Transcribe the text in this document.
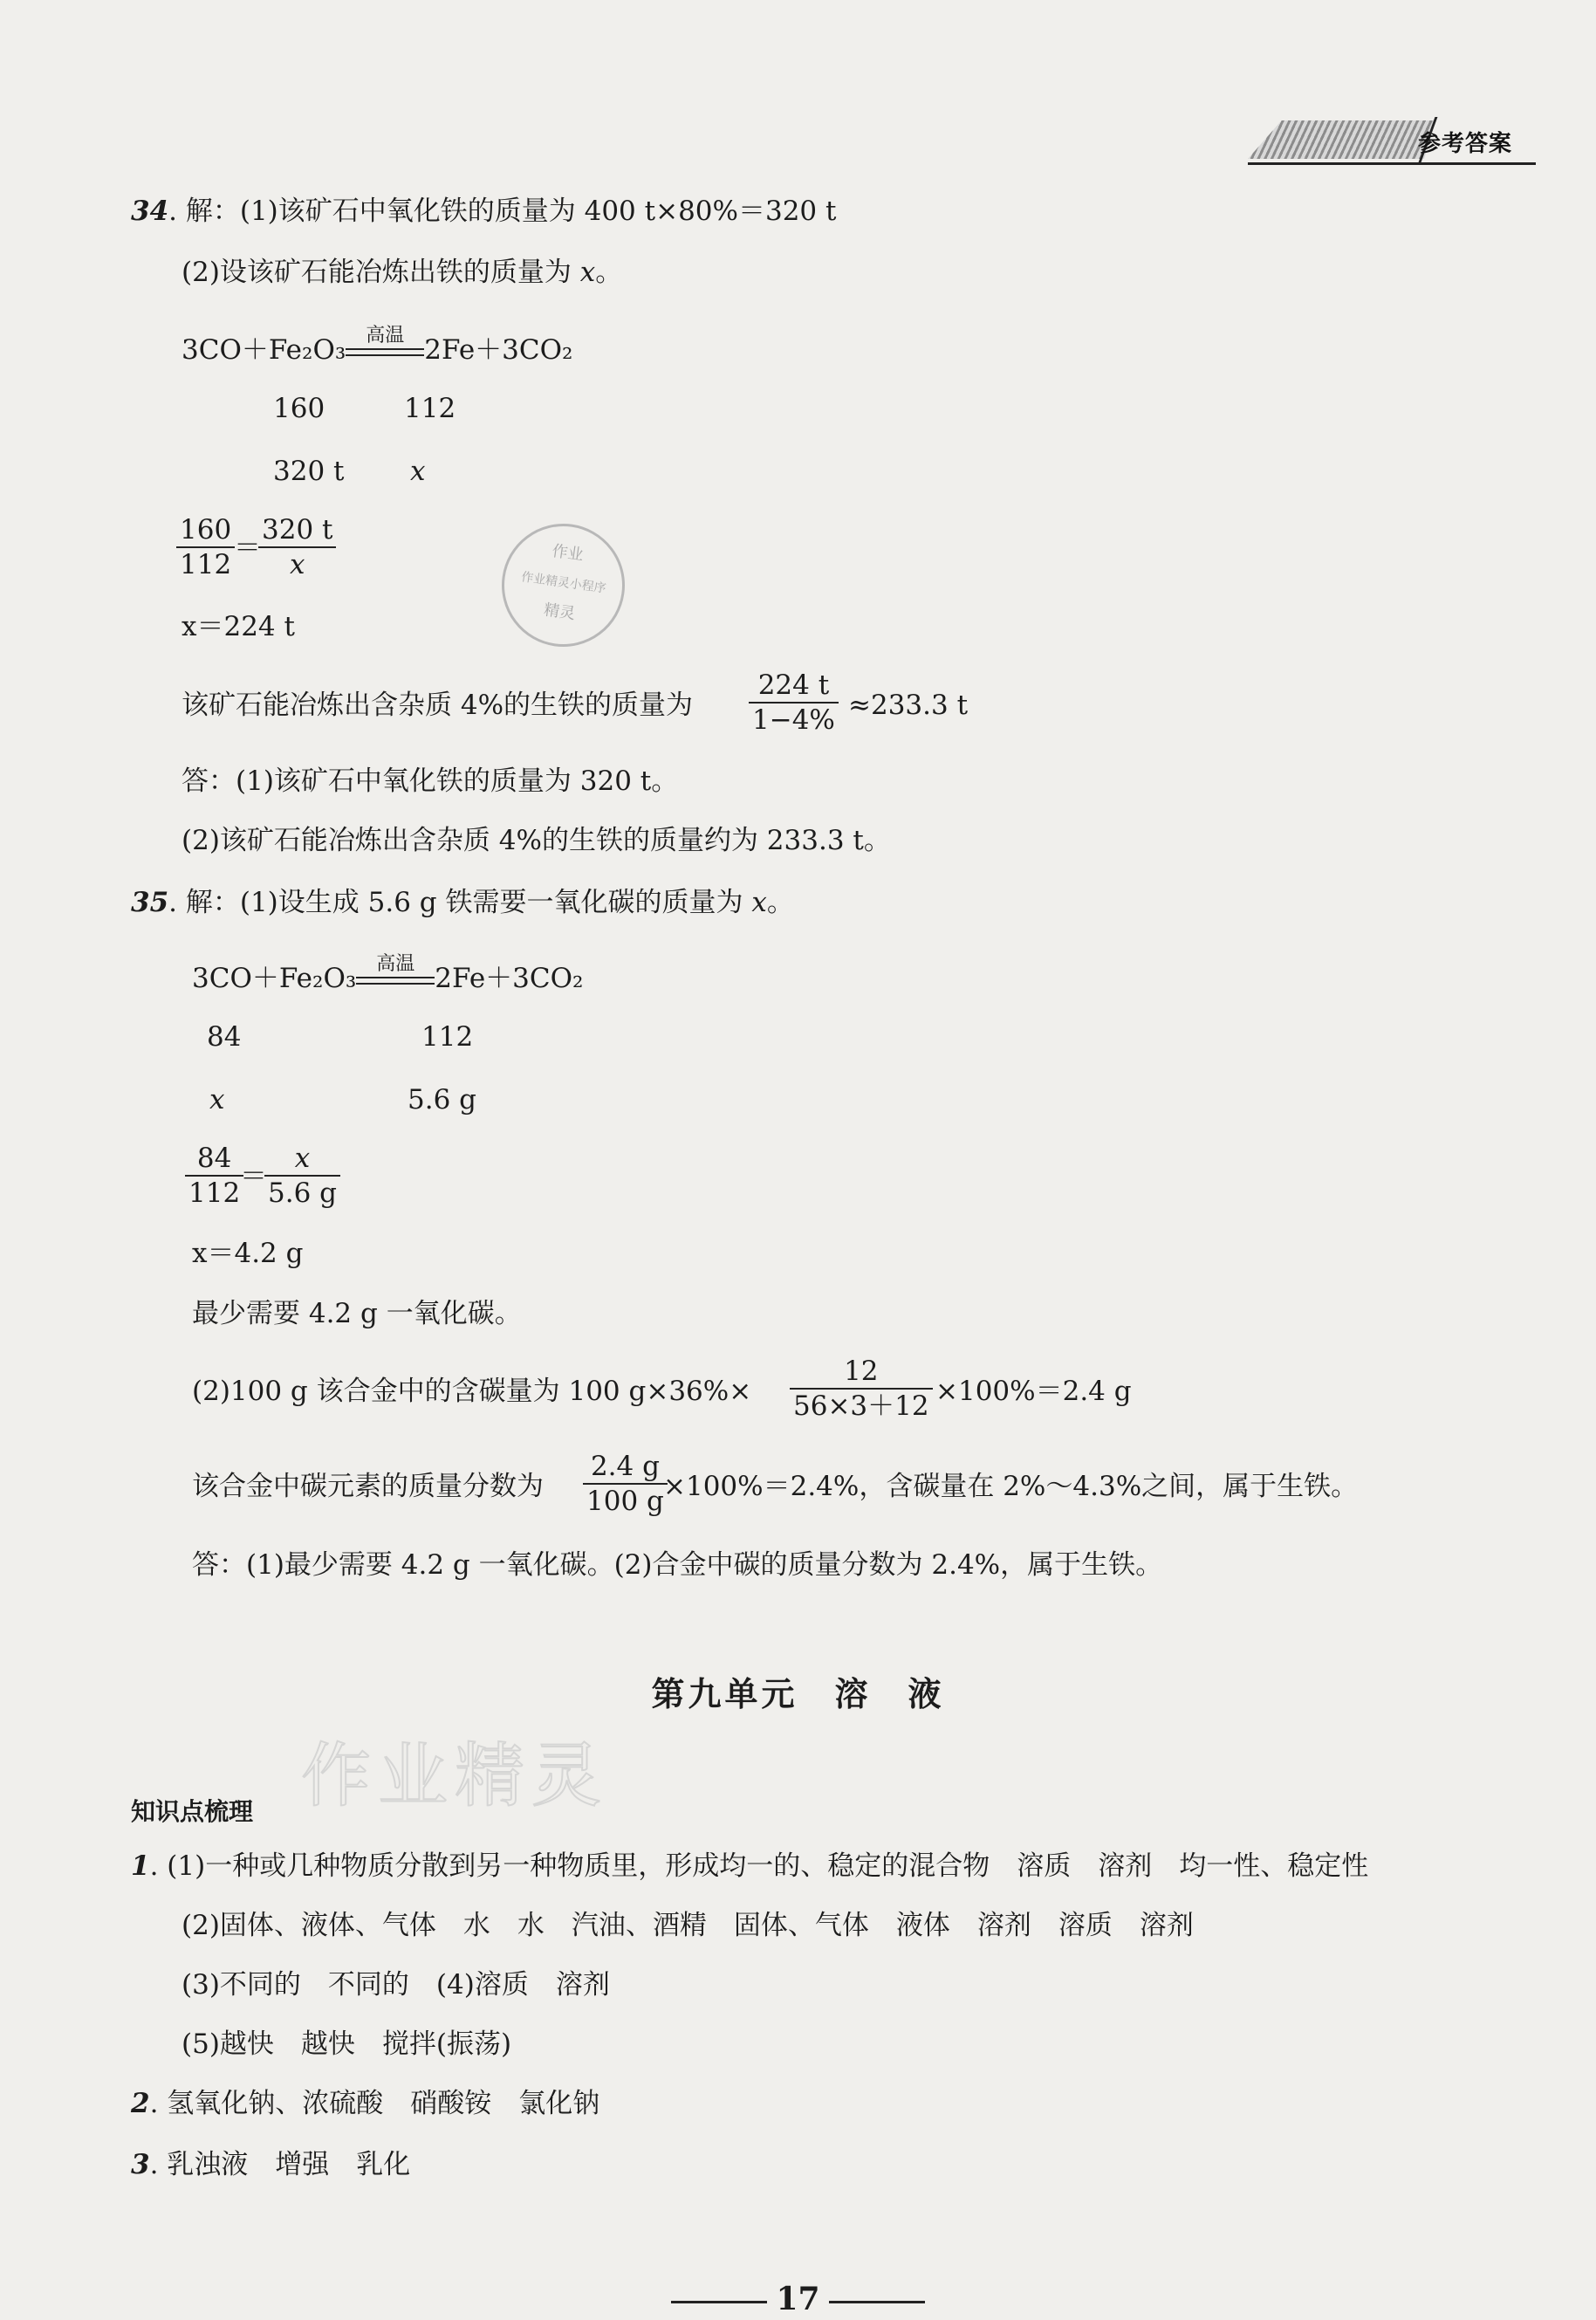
参考答案
34. 解：(1)该矿石中氧化铁的质量为 400 t×80%＝320 t
(2)设该矿石能冶炼出铁的质量为 x。
3CO＋Fe₂O₃	高温 2Fe＋3CO₂
160	112
320 t x
$\frac{160}{112}$
＝
$\frac{320 t}{x}$
x＝224 t
该矿石能冶炼出含杂质 4%的生铁的质量为 $\frac{224 t}{1-4\%} \approx 233.3$ t
答：(1)该矿石中氧化铁的质量为 320 t。
(2)该矿石能冶炼出含杂质 4%的生铁的质量约为 233.3 t。
作业
作业精灵小程序
精灵
35. 解：(1)设生成 5.6 g 铁需要一氧化碳的质量为 x。
3CO＋Fe₂O₃	高温 2Fe＋3CO₂
84	112
x	5.6 g
$\frac{84}{112}$
＝
$\frac{x}{5.6 g}$
x＝4.2 g
最少需要 4.2 g 一氧化碳。
(2)100 g 该合金中的含碳量为 100 $g\times 36\%\times \frac{12}{56\times 3+12} \times 100\%=2.4$ g
该合金中碳元素的质量分数为 $\frac{2.4 g}{100 g}$
×100%＝2.4%，含碳量在 2%～4.3%之间，属于生铁。
答：(1)最少需要 4.2 g 一氧化碳。(2)合金中碳的质量分数为 2.4%，属于生铁。
第九单元　溶　液
作业精灵
知识点梳理
1. (1)一种或几种物质分散到另一种物质里，形成均一的、稳定的混合物　溶质　溶剂　均一性、稳定性
(2)固体、液体、气体　水　水　汽油、酒精　固体、气体　液体　溶剂　溶质　溶剂
(3)不同的　不同的　(4)溶质　溶剂
(5)越快　越快　搅拌(振荡)
2. 氢氧化钠、浓硫酸　硝酸铵　氯化钠
3. 乳浊液　增强　乳化
17
